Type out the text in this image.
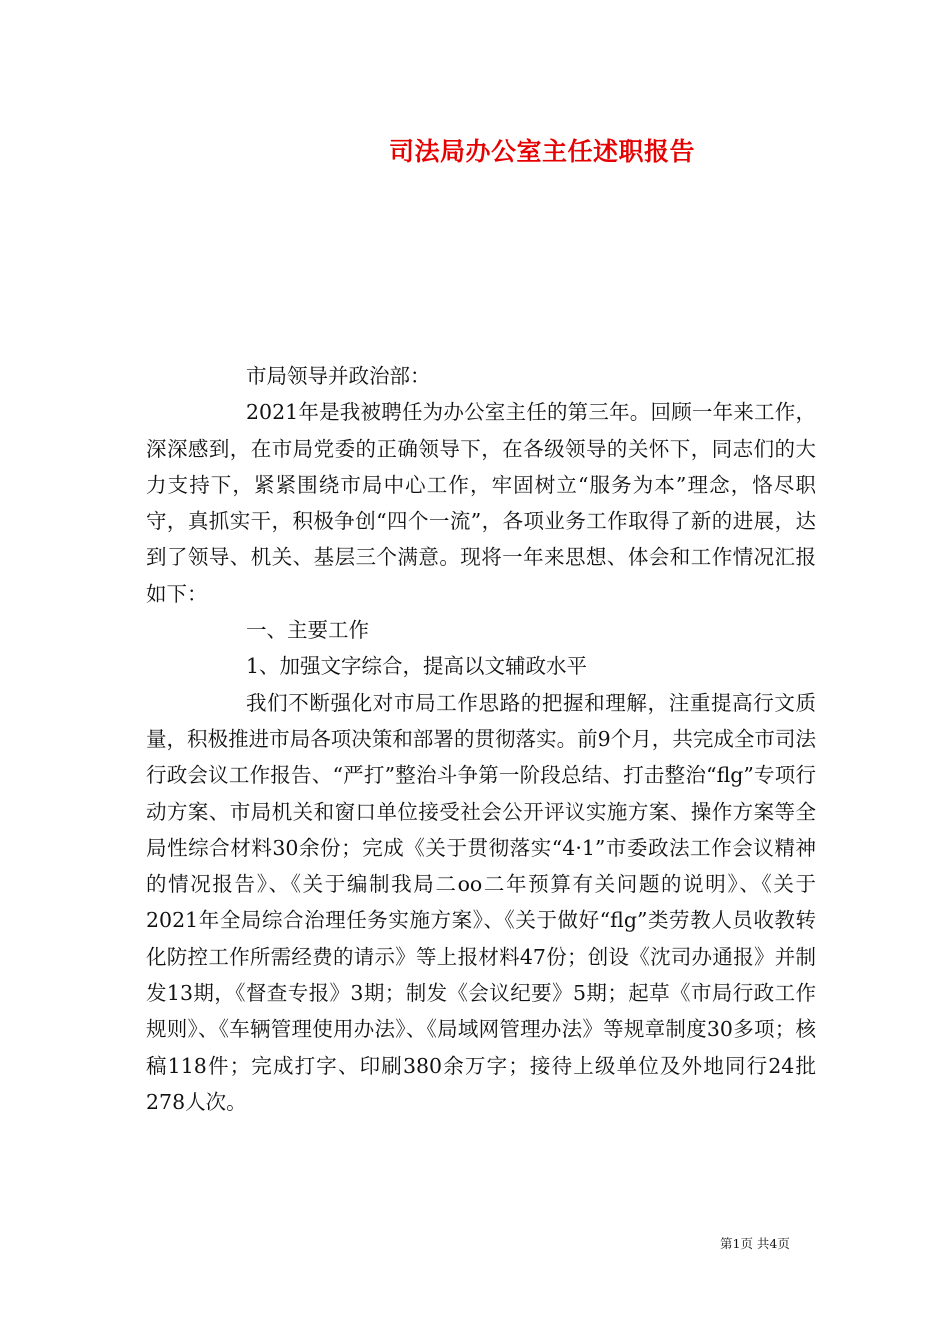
司法局办公室主任述职报告

市局领导并政治部：

2021年是我被聘任为办公室主任的第三年。回顾一年来工作，深深感到，在市局党委的正确领导下，在各级领导的关怀下，同志们的大力支持下，紧紧围绕市局中心工作，牢固树立“服务为本”理念，恪尽职守，真抓实干，积极争创“四个一流”，各项业务工作取得了新的进展，达到了领导、机关、基层三个满意。现将一年来思想、体会和工作情况汇报如下：

一、主要工作

1、加强文字综合，提高以文辅政水平

我们不断强化对市局工作思路的把握和理解，注重提高行文质量，积极推进市局各项决策和部署的贯彻落实。前9个月，共完成全市司法行政会议工作报告、“严打”整治斗争第一阶段总结、打击整治“flg”专项行动方案、市局机关和窗口单位接受社会公开评议实施方案、操作方案等全局性综合材料30余份；完成《关于贯彻落实“4·1”市委政法工作会议精神的情况报告》、《关于编制我局二oo二年预算有关问题的说明》、《关于2021年全局综合治理任务实施方案》、《关于做好“flg”类劳教人员收教转化防控工作所需经费的请示》等上报材料47份；创设《沈司办通报》并制发13期，《督查专报》3期；制发《会议纪要》5期；起草《市局行政工作规则》、《车辆管理使用办法》、《局域网管理办法》等规章制度30多项；核稿118件；完成打字、印刷380余万字；接待上级单位及外地同行24批278人次。

第1页 共4页
